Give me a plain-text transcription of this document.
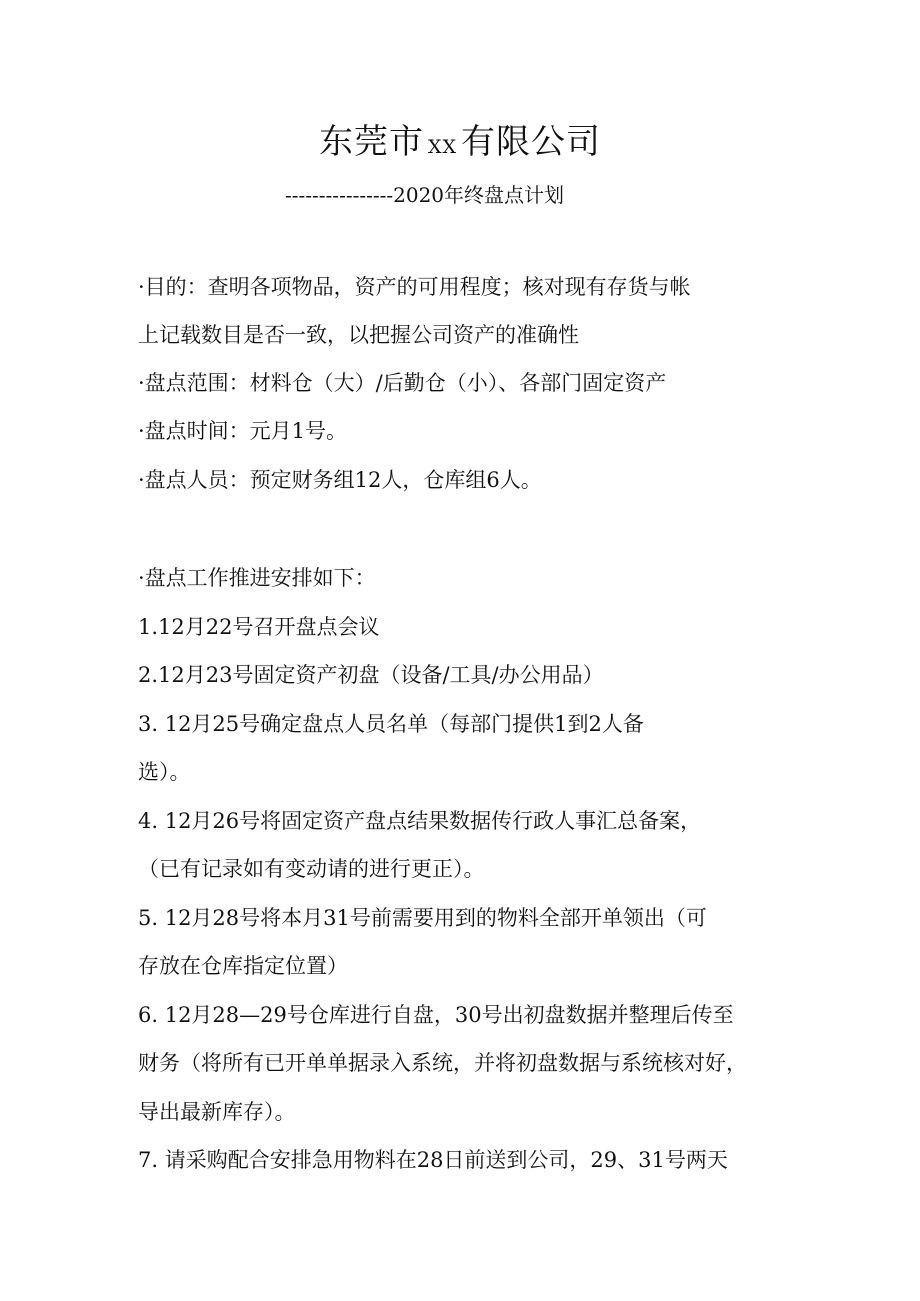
东莞市 XX 有限公司
----------------2020年终盘点计划
·目的：查明各项物品，资产的可用程度；核对现有存货与帐
上记载数目是否一致，以把握公司资产的准确性
·盘点范围：材料仓（大）/后勤仓（小）、各部门固定资产
·盘点时间：元月1号。
·盘点人员：预定财务组12人，仓库组6人。
·盘点工作推进安排如下：
1.12月22号召开盘点会议
2.12月23号固定资产初盘（设备/工具/办公用品）
3. 12月25号确定盘点人员名单（每部门提供1到2人备
选）。
4. 12月26号将固定资产盘点结果数据传行政人事汇总备案，
（已有记录如有变动请的进行更正）。
5. 12月28号将本月31号前需要用到的物料全部开单领出（可
存放在仓库指定位置）
6. 12月28—29号仓库进行自盘，30号出初盘数据并整理后传至
财务（将所有已开单单据录入系统，并将初盘数据与系统核对好，
导出最新库存）。
7. 请采购配合安排急用物料在28日前送到公司，29、31号两天
